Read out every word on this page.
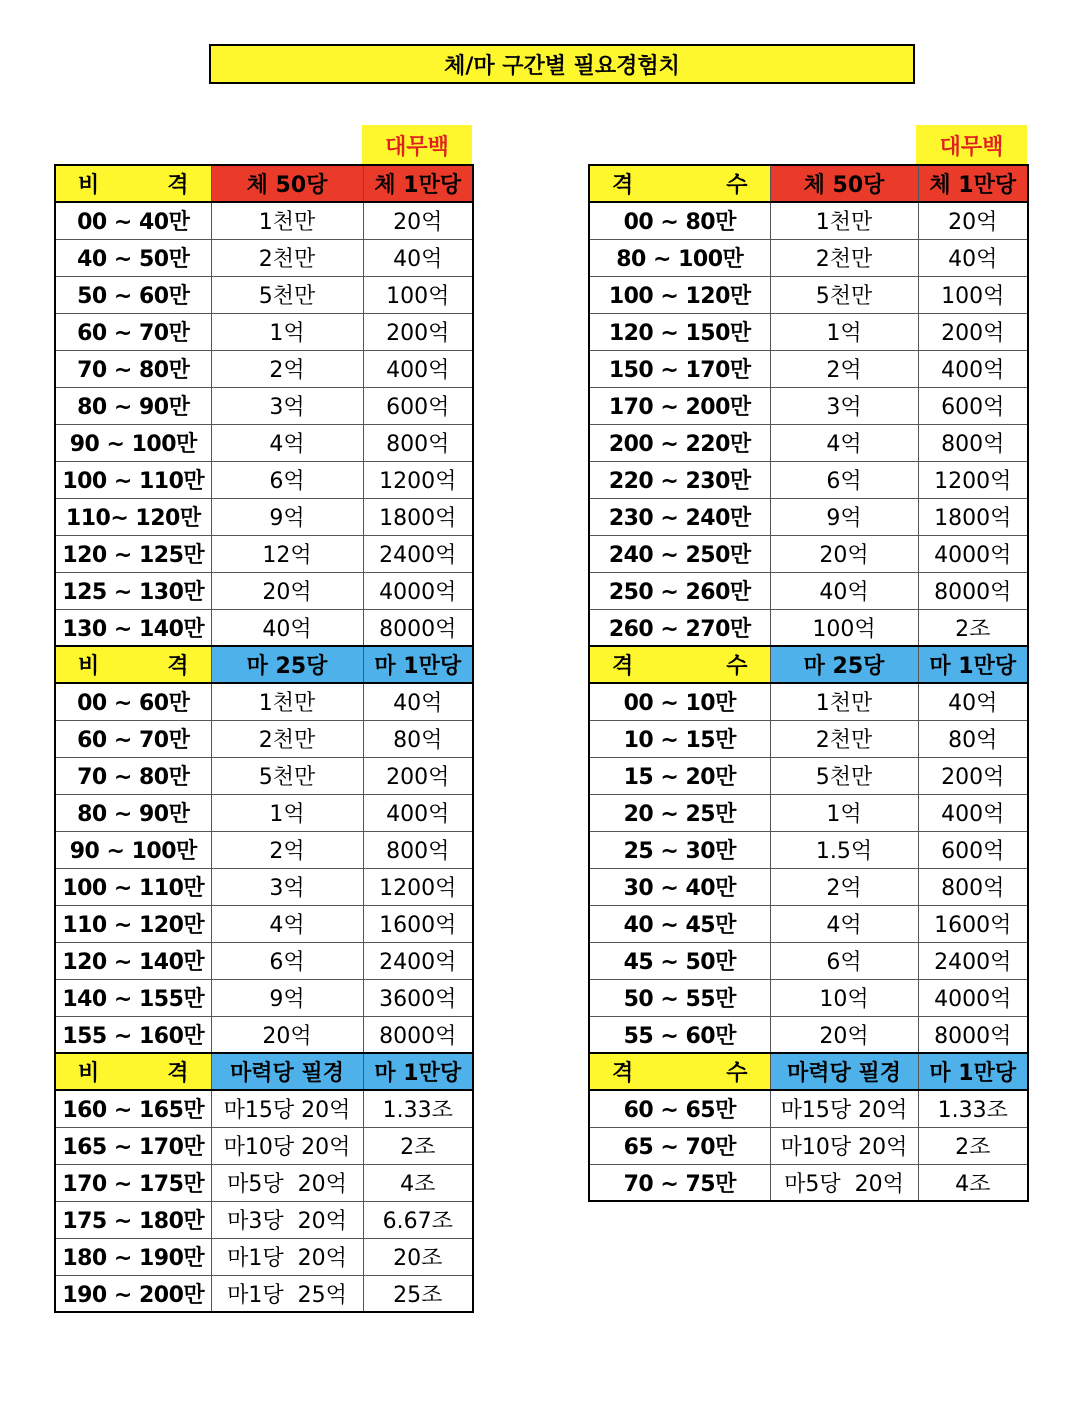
체/마 구간별 필요경험치
대무백	대무백
비 격	체 50당	체 1만당
00 ~ 40만	1천만	20억
40 ~ 50만	2천만	40억
50 ~ 60만	5천만	100억
60 ~ 70만	1억	200억
70 ~ 80만	2억	400억
80 ~ 90만	3억	600억
90 ~ 100만	4억	800억
100 ~ 110만	6억	1200억
110~ 120만	9억	1800억
120 ~ 125만	12억	2400억
125 ~ 130만	20억	4000억
130 ~ 140만	40억	8000억

비 격	마 25당	마 1만당
00 ~ 60만	1천만	40억
60 ~ 70만	2천만	80억
70 ~ 80만	5천만	200억
80 ~ 90만	1억	400억
90 ~ 100만	2억	800억
100 ~ 110만	3억	1200억
110 ~ 120만	4억	1600억
120 ~ 140만	6억	2400억
140 ~ 155만	9억	3600억
155 ~ 160만	20억	8000억

비 격	마력당 필경	마 1만당
160 ~ 165만	마15당 20억	1.33조
165 ~ 170만	마10당 20억	2조
170 ~ 175만	마5당  20억	4조
175 ~ 180만	마3당  20억	6.67조
180 ~ 190만	마1당  20억	20조
190 ~ 200만	마1당  25억	25조
격 수	체 50당	체 1만당
00 ~ 80만	1천만	20억
80 ~ 100만	2천만	40억
100 ~ 120만	5천만	100억
120 ~ 150만	1억	200억
150 ~ 170만	2억	400억
170 ~ 200만	3억	600억
200 ~ 220만	4억	800억
220 ~ 230만	6억	1200억
230 ~ 240만	9억	1800억
240 ~ 250만	20억	4000억
250 ~ 260만	40억	8000억
260 ~ 270만	100억	2조

격 수	마 25당	마 1만당
00 ~ 10만	1천만	40억
10 ~ 15만	2천만	80억
15 ~ 20만	5천만	200억
20 ~ 25만	1억	400억
25 ~ 30만	1.5억	600억
30 ~ 40만	2억	800억
40 ~ 45만	4억	1600억
45 ~ 50만	6억	2400억
50 ~ 55만	10억	4000억
55 ~ 60만	20억	8000억

격 수	마력당 필경	마 1만당
60 ~ 65만	마15당 20억	1.33조
65 ~ 70만	마10당 20억	2조
70 ~ 75만	마5당  20억	4조
